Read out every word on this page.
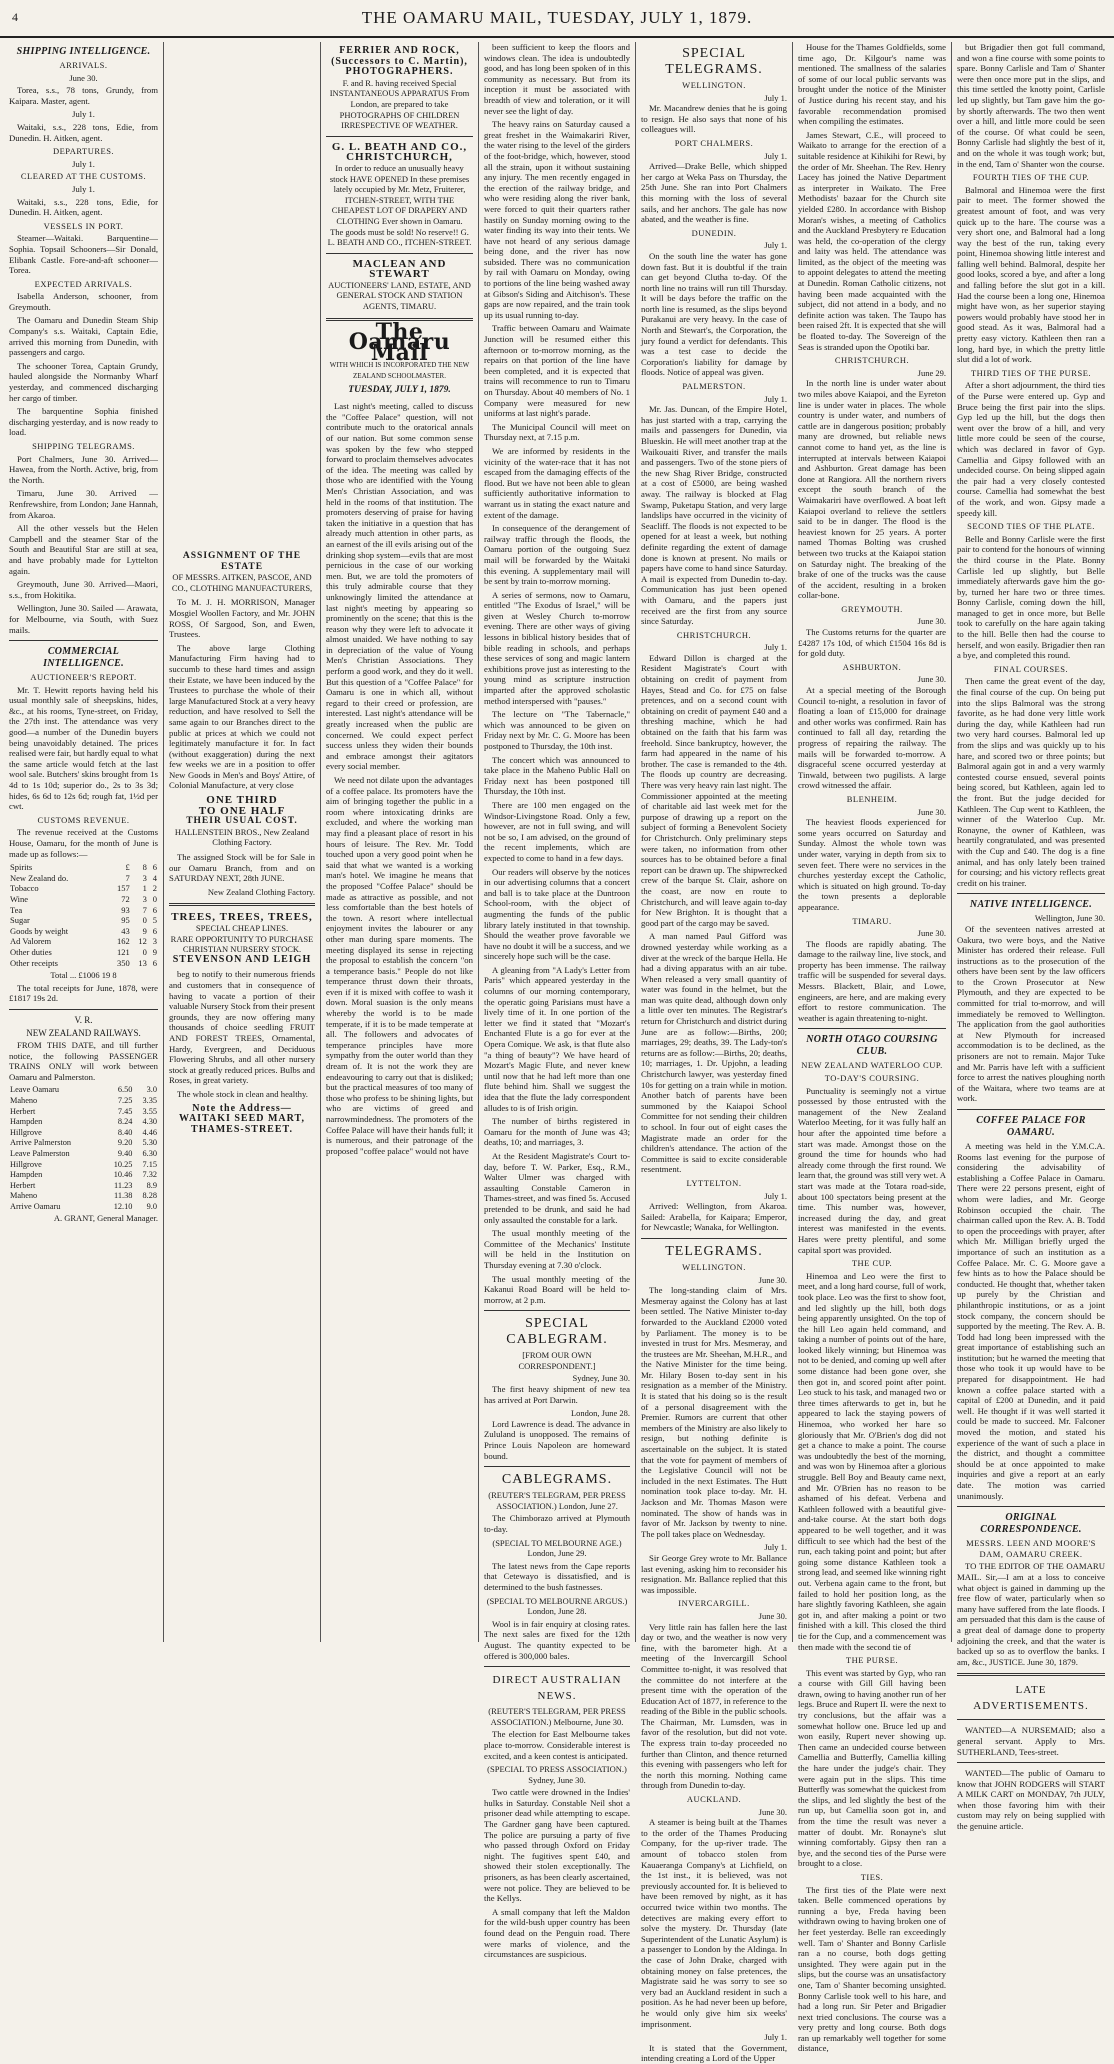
4	THE OAMARU MAIL, TUESDAY, JULY 1, 1879.
SHIPPING INTELLIGENCE.
ARRIVALS.
June 30.

Torea, s.s., 78 tons, Grundy, from Kaipara. Master, agent.

July 1.

Waitaki, s.s., 228 tons, Edie, from Dunedin. H. Aitken, agent.

DEPARTURES.
July 1.
CLEARED AT THE CUSTOMS.
July 1.

Waitaki, s.s., 228 tons, Edie, for Dunedin. H. Aitken, agent.

VESSELS IN PORT.

Steamer—Waitaki. Barquentine—Sophia. Topsail Schooners—Sir Donald, Elibank Castle. Fore-and-aft schooner—Torea.

EXPECTED ARRIVALS.

Isabella Anderson, schooner, from Greymouth.

The Oamaru and Dunedin Steam Ship Company's s.s. Waitaki, Captain Edie, arrived this morning from Dunedin, with passengers and cargo.

The schooner Torea, Captain Grundy, hauled alongside the Normanby Wharf yesterday, and commenced discharging her cargo of timber.

The barquentine Sophia finished discharging yesterday, and is now ready to load.

SHIPPING TELEGRAMS.

Port Chalmers, June 30. Arrived—Hawea, from the North. Active, brig, from the North.

Timaru, June 30. Arrived — Renfrewshire, from London; Jane Hannah, from Akaroa.

All the other vessels but the Helen Campbell and the steamer Star of the South and Beautiful Star are still at sea, and have probably made for Lyttelton again.

Greymouth, June 30. Arrived—Maori, s.s., from Hokitika.

Wellington, June 30. Sailed — Arawata, for Melbourne, via South, with Suez mails.

COMMERCIAL INTELLIGENCE.
AUCTIONEER'S REPORT.

Mr. T. Hewitt reports having held his usual monthly sale of sheepskins, hides, &c., at his rooms, Tyne-street, on Friday, the 27th inst. The attendance was very good—a number of the Dunedin buyers being unavoidably detained. The prices realised were fair, but hardly equal to what the same article would fetch at the last wool sale. Butchers' skins brought from 1s 4d to 1s 10d; superior do., 2s to 3s 3d; hides, 6s 6d to 12s 6d; rough fat, 1½d per cwt.

CUSTOMS REVENUE.

The revenue received at the Customs House, Oamaru, for the month of June is made up as follows:—

Spirits	£	8	6
New Zealand do.	7	3	4
Tobacco	157	1	2
Wine	72	3	0
Tea	93	7	6
Sugar	95	0	5
Goods by weight	43	9	6
Ad Valorem	162	12	3
Other duties	121	0	9
Other receipts	350	13	6
Total ... £1006 19 8

The total receipts for June, 1878, were £1817 19s 2d.

V. R.
NEW ZEALAND RAILWAYS.

FROM THIS DATE, and till further notice, the following PASSENGER TRAINS ONLY will work between Oamaru and Palmerston.

Leave Oamaru	6.50	3.0
Maheno	7.25	3.35
Herbert	7.45	3.55
Hampden	8.24	4.30
Hillgrove	8.40	4.46
Arrive Palmerston	9.20	5.30
Leave Palmerston	9.40	6.30
Hillgrove	10.25	7.15
Hampden	10.46	7.32
Herbert	11.23	8.9
Maheno	11.38	8.28
Arrive Oamaru	12.10	9.0
A. GRANT, General Manager.
ASSIGNMENT OF THE ESTATE
OF MESSRS. AITKEN, PASCOE, AND CO., CLOTHING MANUFACTURERS,

To M. J. H. MORRISON, Manager Mosgiel Woollen Factory, and Mr. JOHN ROSS, Of Sargood, Son, and Ewen, Trustees.

The above large Clothing Manufacturing Firm having had to succumb to these hard times and assign their Estate, we have been induced by the Trustees to purchase the whole of their large Manufactured Stock at a very heavy reduction, and have resolved to Sell the same again to our Branches direct to the public at prices at which we could not legitimately manufacture it for. In fact (without exaggeration) during the next few weeks we are in a position to offer New Goods in Men's and Boys' Attire, of Colonial Manufacture, at very close

ONE THIRD
TO ONE HALF
THEIR USUAL COST.
HALLENSTEIN BROS., New Zealand Clothing Factory.

The assigned Stock will be for Sale in our Oamaru Branch, from and on SATURDAY NEXT, 28th JUNE.

New Zealand Clothing Factory.
TREES, TREES, TREES,
SPECIAL CHEAP LINES.
RARE OPPORTUNITY TO PURCHASE CHRISTIAN NURSERY STOCK.
STEVENSON AND LEIGH

beg to notify to their numerous friends and customers that in consequence of having to vacate a portion of their valuable Nursery Stock from their present grounds, they are now offering many thousands of choice seedling FRUIT AND FOREST TREES, Ornamental, Hardy, Evergreen, and Deciduous Flowering Shrubs, and all other nursery stock at greatly reduced prices. Bulbs and Roses, in great variety.

The whole stock in clean and healthy.

Note the Address— WAITAKI SEED MART, THAMES-STREET.
FERRIER AND ROCK, (Successors to C. Martin), PHOTOGRAPHERS.
F. and R. having received Special INSTANTANEOUS APPARATUS From London, are prepared to take PHOTOGRAPHS OF CHILDREN IRRESPECTIVE OF WEATHER.
G. L. BEATH AND CO., CHRISTCHURCH,
In order to reduce an unusually heavy stock HAVE OPENED In these premises lately occupied by Mr. Metz, Fruiterer, ITCHEN-STREET, WITH THE CHEAPEST LOT OF DRAPERY AND CLOTHING Ever shown in Oamaru.
The goods must be sold! No reserve!! G. L. BEATH AND CO., ITCHEN-STREET.
MACLEAN AND STEWART
AUCTIONEERS' LAND, ESTATE, AND GENERAL STOCK AND STATION AGENTS, TIMARU.
The Oamaru Mail
WITH WHICH IS INCORPORATED THE NEW ZEALAND SCHOOLMASTER.
TUESDAY, JULY 1, 1879.

Last night's meeting, called to discuss the "Coffee Palace" question, will not contribute much to the oratorical annals of our nation. But some common sense was spoken by the few who stepped forward to proclaim themselves advocates of the idea. The meeting was called by those who are identified with the Young Men's Christian Association, and was held in the rooms of that institution. The promoters deserving of praise for having taken the initiative in a question that has already much attention in other parts, as an earnest of the ill evils arising out of the drinking shop system—evils that are most pernicious in the case of our working men. But, we are told the promoters of this truly admirable course that they unknowingly limited the attendance at last night's meeting by appearing so prominently on the scene; that this is the reason why they were left to advocate it almost unaided. We have nothing to say in depreciation of the value of Young Men's Christian Associations. They perform a good work, and they do it well. But this question of a "Coffee Palace" for Oamaru is one in which all, without regard to their creed or profession, are interested. Last night's attendance will be greatly increased when the public are concerned. We could expect perfect success unless they widen their bounds and embrace amongst their agitators every social member.

We need not dilate upon the advantages of a coffee palace. Its promoters have the aim of bringing together the public in a room where intoxicating drinks are excluded, and where the working man may find a pleasant place of resort in his hours of leisure. The Rev. Mr. Todd touched upon a very good point when he said that what we wanted is a working man's hotel. We imagine he means that the proposed "Coffee Palace" should be made as attractive as possible, and not less comfortable than the best hotels of the town. A resort where intellectual enjoyment invites the labourer or any other man during spare moments. The meeting displayed its sense in rejecting the proposal to establish the concern "on a temperance basis." People do not like temperance thrust down their throats, even if it is mixed with coffee to wash it down. Moral suasion is the only means whereby the world is to be made temperate, if it is to be made temperate at all. The followers and advocates of temperance principles have more sympathy from the outer world than they dream of. It is not the work they are endeavouring to carry out that is disliked; but the practical measures of too many of those who profess to be shining lights, but who are victims of greed and narrowmindedness. The promoters of the Coffee Palace will have their hands full; it is numerous, and their patronage of the proposed "coffee palace" would not have

been sufficient to keep the floors and windows clean. The idea is undoubtedly good, and has long been spoken of in this community as necessary. But from its inception it must be associated with breadth of view and toleration, or it will never see the light of day.

The heavy rains on Saturday caused a great freshet in the Waimakariri River, the water rising to the level of the girders of the foot-bridge, which, however, stood all the strain, upon it without sustaining any injury. The men recently engaged in the erection of the railway bridge, and who were residing along the river bank, were forced to quit their quarters rather hastily on Sunday morning owing to the water finding its way into their tents. We have not heard of any serious damage being done, and the river has now subsided. There was no communication by rail with Oamaru on Monday, owing to portions of the line being washed away at Gibson's Siding and Aitchison's. These gaps are now repaired, and the train took up its usual running to-day.

Traffic between Oamaru and Waimate Junction will be resumed either this afternoon or to-morrow morning, as the repairs on that portion of the line have been completed, and it is expected that trains will recommence to run to Timaru on Thursday. About 40 members of No. 1 Company were measured for new uniforms at last night's parade.

The Municipal Council will meet on Thursday next, at 7.15 p.m.

We are informed by residents in the vicinity of the water-race that it has not escaped from the damaging effects of the flood. But we have not been able to glean sufficiently authoritative information to warrant us in stating the exact nature and extent of the damage.

In consequence of the derangement of railway traffic through the floods, the Oamaru portion of the outgoing Suez mail will be forwarded by the Waitaki this evening. A supplementary mail will be sent by train to-morrow morning.

A series of sermons, now to Oamaru, entitled "The Exodus of Israel," will be given at Wesley Church to-morrow evening. There are other ways of giving lessons in biblical history besides that of bible reading in schools, and perhaps these services of song and magic lantern exhibitions prove just as interesting to the young mind as scripture instruction imparted after the approved scholastic method interspersed with "pauses."

The lecture on "The Tabernacle," which was announced to be given on Friday next by Mr. C. G. Moore has been postponed to Thursday, the 10th inst.

The concert which was announced to take place in the Maheno Public Hall on Friday next has been postponed till Thursday, the 10th inst.

There are 100 men engaged on the Windsor-Livingstone Road. Only a few, however, are not in full swing, and will not be so, I am advised, on the ground of the recent implements, which are expected to come to hand in a few days.

Our readers will observe by the notices in our advertising columns that a concert and ball is to take place at the Duntroon School-room, with the object of augmenting the funds of the public library lately instituted in that township. Should the weather prove favorable we have no doubt it will be a success, and we sincerely hope such will be the case.

A gleaning from "A Lady's Letter from Paris" which appeared yesterday in the columns of our morning contemporary, the operatic going Parisians must have a lively time of it. In one portion of the letter we find it stated that "Mozart's Enchanted Flute is a go for ever at the Opera Comique. We ask, is that flute also "a thing of beauty"? We have heard of Mozart's Magic Flute, and never knew until now that he had left more than one flute behind him. Shall we suggest the idea that the flute the lady correspondent alludes to is of Irish origin.

The number of births registered in Oamaru for the month of June was 43; deaths, 10; and marriages, 3.

At the Resident Magistrate's Court to-day, before T. W. Parker, Esq., R.M., Walter Ulmer was charged with assaulting Constable Cameron in Thames-street, and was fined 5s. Accused pretended to be drunk, and said he had only assaulted the constable for a lark.

The usual monthly meeting of the Committee of the Mechanics' Institute will be held in the Institution on Thursday evening at 7.30 o'clock.

The usual monthly meeting of the Kakanui Road Board will be held to-morrow, at 2 p.m.

SPECIAL CABLEGRAM.
[FROM OUR OWN CORRESPONDENT.]
Sydney, June 30.

The first heavy shipment of new tea has arrived at Port Darwin.

London, June 28.

Lord Lawrence is dead. The advance in Zululand is unopposed. The remains of Prince Louis Napoleon are homeward bound.

CABLEGRAMS.
(REUTER'S TELEGRAM, PER PRESS ASSOCIATION.) London, June 27.

The Chimborazo arrived at Plymouth to-day.

(SPECIAL TO MELBOURNE AGE.) London, June 29.

The latest news from the Cape reports that Cetewayo is dissatisfied, and is determined to the bush fastnesses.

(SPECIAL TO MELBOURNE ARGUS.) London, June 28.

Wool is in fair enquiry at closing rates. The next sales are fixed for the 12th August. The quantity expected to be offered is 300,000 bales.

DIRECT AUSTRALIAN NEWS.
(REUTER'S TELEGRAM, PER PRESS ASSOCIATION.) Melbourne, June 30.

The election for East Melbourne takes place to-morrow. Considerable interest is excited, and a keen contest is anticipated.

(SPECIAL TO PRESS ASSOCIATION.) Sydney, June 30.

Two cattle were drowned in the Indies' hulks in Saturday. Constable Neil shot a prisoner dead while attempting to escape. The Gardner gang have been captured. The police are pursuing a party of five who passed through Oxford on Friday night. The fugitives spent £40, and showed their stolen exceptionally. The prisoners, as has been clearly ascertained, were not police. They are believed to be the Kellys.

A small company that left the Maldon for the wild-bush upper country has been found dead on the Penguin road. There were marks of violence, and the circumstances are suspicious.

SPECIAL TELEGRAMS.
WELLINGTON.
July 1.

Mr. Macandrew denies that he is going to resign. He also says that none of his colleagues will.

PORT CHALMERS.
July 1.

Arrived—Drake Belle, which shipped her cargo at Weka Pass on Thursday, the 25th June. She ran into Port Chalmers this morning with the loss of several sails, and her anchors. The gale has now abated, and the weather is fine.

DUNEDIN.
July 1.

On the south line the water has gone down fast. But it is doubtful if the train can get beyond Clutha to-day. Of the north line no trains will run till Thursday. It will be days before the traffic on the north line is resumed, as the slips beyond Purakanui are very heavy. In the case of North and Stewart's, the Corporation, the jury found a verdict for defendants. This was a test case to decide the Corporation's liability for damage by floods. Notice of appeal was given.

PALMERSTON.
July 1.

Mr. Jas. Duncan, of the Empire Hotel, has just started with a trap, carrying the mails and passengers for Dunedin, via Blueskin. He will meet another trap at the Waikouaiti River, and transfer the mails and passengers. Two of the stone piers of the new Shag River Bridge, constructed at a cost of £5000, are being washed away. The railway is blocked at Flag Swamp, Puketapu Station, and very large landslips have occurred in the vicinity of Seacliff. The floods is not expected to be opened for at least a week, but nothing definite regarding the extent of damage done is known at present. No mails or papers have come to hand since Saturday. A mail is expected from Dunedin to-day. Communication has just been opened with Oamaru, and the papers just received are the first from any source since Saturday.

CHRISTCHURCH.
July 1.

Edward Dillon is charged at the Resident Magistrate's Court with obtaining on credit of payment from Hayes, Stead and Co. for £75 on false pretences, and on a second count with obtaining on credit of payment £40 and a threshing machine, which he had obtained on the faith that his farm was freehold. Since bankruptcy, however, the farm had appeared in the name of his brother. The case is remanded to the 4th. The floods up country are decreasing. There was very heavy rain last night. The Commissioner appointed at the meeting of charitable aid last week met for the purpose of drawing up a report on the subject of forming a Benevolent Society for Christchurch. Only preliminary steps were taken, no information from other sources has to be obtained before a final report can be drawn up. The shipwrecked crew of the barque St. Clair, ashore on the coast, are now en route to Christchurch, and will leave again to-day for New Brighton. It is thought that a good part of the cargo may be saved.

A man named Paul Gifford was drowned yesterday while working as a diver at the wreck of the barque Hella. He had a diving apparatus with an air tube. When released a very small quantity of water was found in the helmet, but the man was quite dead, although down only a little over ten minutes. The Registrar's return for Christchurch and district during June are as follow:—Births, 200; marriages, 29; deaths, 39. The Lady-ton's returns are as follow:—Births, 20; deaths, 10; marriages, 1. Dr. Upjohn, a leading Christchurch lawyer, was yesterday fined 10s for getting on a train while in motion. Another batch of parents have been summoned by the Kaiapoi School Committee for not sending their children to school. In four out of eight cases the Magistrate made an order for the children's attendance. The action of the Committee is said to excite considerable resentment.

LYTTELTON.
July 1.

Arrived: Wellington, from Akaroa. Sailed: Arabella, for Kaipara; Emperor, for Newcastle; Wanaka, for Wellington.

TELEGRAMS.
WELLINGTON.
June 30.

The long-standing claim of Mrs. Mesmeray against the Colony has at last been settled. The Native Minister to-day forwarded to the Auckland £2000 voted by Parliament. The money is to be invested in trust for Mrs. Mesmeray, and the trustees are Mr. Sheehan, M.H.R., and the Native Minister for the time being. Mr. Hilary Bosen to-day sent in his resignation as a member of the Ministry. It is stated that his doing so is the result of a personal disagreement with the Premier. Rumors are current that other members of the Ministry are also likely to resign, but nothing definite is ascertainable on the subject. It is stated that the vote for payment of members of the Legislative Council will not be included in the next Estimates. The Hutt nomination took place to-day. Mr. H. Jackson and Mr. Thomas Mason were nominated. The show of hands was in favor of Mr. Jackson by twenty to nine. The poll takes place on Wednesday.

July 1.

Sir George Grey wrote to Mr. Ballance last evening, asking him to reconsider his resignation. Mr. Ballance replied that this was impossible.

INVERCARGILL.
June 30.

Very little rain has fallen here the last day or two, and the weather is now very fine, with the barometer high. At a meeting of the Invercargill School Committee to-night, it was resolved that the committee do not interfere at the present time with the operation of the Education Act of 1877, in reference to the reading of the Bible in the public schools. The Chairman, Mr. Lumsden, was in favor of the resolution, but did not vote. The express train to-day proceeded no further than Clinton, and thence returned this evening with passengers who left for the north this morning. Nothing came through from Dunedin to-day.

AUCKLAND.
June 30.

A steamer is being built at the Thames to the order of the Thames Producing Company, for the up-river trade. The amount of tobacco stolen from Kauaeranga Company's at Lichfield, on the 1st inst., it is believed, was not previously accounted for. It is believed to have been removed by night, as it has occurred twice within two months. The detectives are making every effort to solve the mystery. Dr. Thursday (late Superintendent of the Lunatic Asylum) is a passenger to London by the Aldinga. In the case of John Drake, charged with obtaining money on false pretences, the Magistrate said he was sorry to see so very bad an Auckland resident in such a position. As he had never been up before, he would only give him six weeks' imprisonment.

July 1.

It is stated that the Government, intending creating a Lord of the Upper

House for the Thames Goldfields, some time ago, Dr. Kilgour's name was mentioned. The smallness of the salaries of some of our local public servants was brought under the notice of the Minister of Justice during his recent stay, and his favorable recommendation promised when compiling the estimates.

James Stewart, C.E., will proceed to Waikato to arrange for the erection of a suitable residence at Kihikihi for Rewi, by the order of Mr. Sheehan. The Rev. Henry Lacey has joined the Native Department as interpreter in Waikato. The Free Methodists' bazaar for the Church site yielded £280. In accordance with Bishop Moran's wishes, a meeting of Catholics and the Auckland Presbytery re Education was held, the co-operation of the clergy and laity was held. The attendance was limited, as the object of the meeting was to appoint delegates to attend the meeting at Dunedin. Roman Catholic citizens, not having been made acquainted with the subject, did not attend in a body, and no definite action was taken. The Taupo has been raised 2ft. It is expected that she will be floated to-day. The Sovereign of the Seas is stranded upon the Opotiki bar.

CHRISTCHURCH.
June 29.

In the north line is under water about two miles above Kaiapoi, and the Eyreton line is under water in places. The whole country is under water, and numbers of cattle are in dangerous position; probably many are drowned, but reliable news cannot come to hand yet, as the line is interrupted at intervals between Kaiapoi and Ashburton. Great damage has been done at Rangiora. All the northern rivers except the south branch of the Waimakariri have overflowed. A boat left Kaiapoi overland to relieve the settlers said to be in danger. The flood is the heaviest known for 25 years. A porter named Thomas Bolting was crushed between two trucks at the Kaiapoi station on Saturday night. The breaking of the brake of one of the trucks was the cause of the accident, resulting in a broken collar-bone.

GREYMOUTH.
June 30.

The Customs returns for the quarter are £4287 17s 10d, of which £1504 16s 8d is for gold duty.

ASHBURTON.
June 30.

At a special meeting of the Borough Council to-night, a resolution in favor of floating a loan of £15,000 for drainage and other works was confirmed. Rain has continued to fall all day, retarding the progress of repairing the railway. The mails will be forwarded to-morrow. A disgraceful scene occurred yesterday at Tinwald, between two pugilists. A large crowd witnessed the affair.

BLENHEIM.
June 30.

The heaviest floods experienced for some years occurred on Saturday and Sunday. Almost the whole town was under water, varying in depth from six to seven feet. There were no services in the churches yesterday except the Catholic, which is situated on high ground. To-day the town presents a deplorable appearance.

TIMARU.
June 30.

The floods are rapidly abating. The damage to the railway line, live stock, and property has been immense. The railway traffic will be suspended for several days. Messrs. Blackett, Blair, and Lowe, engineers, are here, and are making every effort to restore communication. The weather is again threatening to-night.

NORTH OTAGO COURSING CLUB.
NEW ZEALAND WATERLOO CUP.
TO-DAY'S COURSING.

Punctuality is seemingly not a virtue possessed by those entrusted with the management of the New Zealand Waterloo Meeting, for it was fully half an hour after the appointed time before a start was made. Amongst those on the ground the time for hounds who had already come through the first round. We learn that, the ground was still very wet. A start was made at the Totara road-side, about 100 spectators being present at the time. This number was, however, increased during the day, and great interest was manifested in the events. Hares were pretty plentiful, and some capital sport was provided.

THE CUP.

Hinemoa and Leo were the first to meet, and a long hard course, full of work, took place. Leo was the first to show foot, and led slightly up the hill, both dogs being apparently unsighted. On the top of the hill Leo again held command, and taking a number of points out of the hare, looked likely winning; but Hinemoa was not to be denied, and coming up well after some distance had been gone over, she then got in, and scored point after point. Leo stuck to his task, and managed two or three times afterwards to get in, but he appeared to lack the staying powers of Hinemoa, who worked her hare so gloriously that Mr. O'Brien's dog did not get a chance to make a point. The course was undoubtedly the best of the morning, and was won by Hinemoa after a glorious struggle. Bell Boy and Beauty came next, and Mr. O'Brien has no reason to be ashamed of his defeat. Verbena and Kathleen followed with a beautiful give-and-take course. At the start both dogs appeared to be well together, and it was difficult to see which had the best of the run, each taking point and point; but after going some distance Kathleen took a strong lead, and seemed like winning right out. Verbena again came to the front, but failed to hold her position long, as the hare slightly favoring Kathleen, she again got in, and after making a point or two finished with a kill. This closed the third tie for the Cup, and a commencement was then made with the second tie of

THE PURSE.

This event was started by Gyp, who ran a course with Gill Gill having been drawn, owing to having another run of her legs. Bruce and Rupert II. were the next to try conclusions, but the affair was a somewhat hollow one. Bruce led up and won easily, Rupert never showing up. Then came an undecided course between Camellia and Butterfly, Camellia killing the hare under the judge's chair. They were again put in the slips. This time Butterfly was somewhat the quickest from the slips, and led slightly the best of the run up, but Camellia soon got in, and from the time the result was never a matter of doubt. Mr. Ronayne's slut winning comfortably. Gipsy then ran a bye, and the second ties of the Purse were brought to a close.

TIES.

The first ties of the Plate were next taken. Belle commenced operations by running a bye, Freda having been withdrawn owing to having broken one of her feet yesterday. Belle ran exceedingly well. Tam o' Shanter and Bonny Carlisle ran a no course, both dogs getting unsighted. They were again put in the slips, but the course was an unsatisfactory one, Tam o' Shanter becoming unsighted. Bonny Carlisle took well to his hare, and had a long run. Sir Peter and Brigadier next tried conclusions. The course was a very pretty and long course. Both dogs ran up remarkably well together for some distance,

but Brigadier then got full command, and won a fine course with some points to spare. Bonny Carlisle and Tam o' Shanter were then once more put in the slips, and this time settled the knotty point, Carlisle led up slightly, but Tam gave him the go-by shortly afterwards. The two then went over a hill, and little more could be seen of the course. Of what could be seen, Bonny Carlisle had slightly the best of it, and on the whole it was tough work; but, in the end, Tam o' Shanter won the course.

FOURTH TIES OF THE CUP.

Balmoral and Hinemoa were the first pair to meet. The former showed the greatest amount of foot, and was very quick up to the hare. The course was a very short one, and Balmoral had a long way the best of the run, taking every point, Hinemoa showing little interest and falling well behind. Balmoral, despite her good looks, scored a bye, and after a long and falling before the slut got in a kill. Had the course been a long one, Hinemoa might have won, as her superior staying powers would probably have stood her in good stead. As it was, Balmoral had a pretty easy victory. Kathleen then ran a long, hard bye, in which the pretty little slut did a lot of work.

THIRD TIES OF THE PURSE.

After a short adjournment, the third ties of the Purse were entered up. Gyp and Bruce being the first pair into the slips. Gyp led up the hill, but the dogs then went over the brow of a hill, and very little more could be seen of the course, which was declared in favor of Gyp. Camellia and Gipsy followed with an undecided course. On being slipped again the pair had a very closely contested course. Camellia had somewhat the best of the work, and won. Gipsy made a speedy kill.

SECOND TIES OF THE PLATE.

Belle and Bonny Carlisle were the first pair to contend for the honours of winning the third course in the Plate. Bonny Carlisle led up slightly, but Belle immediately afterwards gave him the go-by, turned her hare two or three times. Bonny Carlisle, coming down the hill, managed to get in once more, but Belle took to carefully on the hare again taking to the hill. Belle then had the course to herself, and won easily. Brigadier then ran a bye, and completed this round.

FINAL COURSES.

Then came the great event of the day, the final course of the cup. On being put into the slips Balmoral was the strong favorite, as he had done very little work during the day, while Kathleen had run two very hard courses. Balmoral led up from the slips and was quickly up to his hare, and scored two or three points; but Balmoral again got in and a very warmly contested course ensued, several points being scored, but Kathleen, again led to the front. But the judge decided for Kathleen. The Cup went to Kathleen, the winner of the Waterloo Cup. Mr. Ronayne, the owner of Kathleen, was heartily congratulated, and was presented with the Cup and £40. The dog is a fine animal, and has only lately been trained for coursing; and his victory reflects great credit on his trainer.

NATIVE INTELLIGENCE.
Wellington, June 30.

Of the seventeen natives arrested at Oakura, two were boys, and the Native Minister has ordered their release. Full instructions as to the prosecution of the others have been sent by the law officers to the Crown Prosecutor at New Plymouth, and they are expected to be committed for trial to-morrow, and will immediately be removed to Wellington. The application from the gaol authorities at New Plymouth for increased accommodation is to be declined, as the prisoners are not to remain. Major Tuke and Mr. Parris have left with a sufficient force to arrest the natives ploughing north of the Waitara, where two teams are at work.

COFFEE PALACE FOR OAMARU.

A meeting was held in the Y.M.C.A. Rooms last evening for the purpose of considering the advisability of establishing a Coffee Palace in Oamaru. There were 22 persons present, eight of whom were ladies, and Mr. George Robinson occupied the chair. The chairman called upon the Rev. A. B. Todd to open the proceedings with prayer, after which Mr. Milligan briefly urged the importance of such an institution as a Coffee Palace. Mr. C. G. Moore gave a few hints as to how the Palace should be conducted. He thought that, whether taken up purely by the Christian and philanthropic institutions, or as a joint stock company, the concern should be supported by the meeting. The Rev. A. B. Todd had long been impressed with the great importance of establishing such an institution; but he warned the meeting that those who took it up would have to be prepared for disappointment. He had known a coffee palace started with a capital of £200 at Dunedin, and it paid well. He thought if it was well started it could be made to succeed. Mr. Falconer moved the motion, and stated his experience of the want of such a place in the district, and thought a committee should be at once appointed to make inquiries and give a report at an early date. The motion was carried unanimously.

ORIGINAL CORRESPONDENCE.
MESSRS. LEEN AND MOORE'S DAM, OAMARU CREEK.

TO THE EDITOR OF THE OAMARU MAIL. Sir,—I am at a loss to conceive what object is gained in damming up the free flow of water, particularly when so many have suffered from the late floods. I am persuaded that this dam is the cause of a great deal of damage done to property adjoining the creek, and that the water is backed up so as to overflow the banks. I am, &c., JUSTICE. June 30, 1879.

LATE ADVERTISEMENTS.

WANTED—A NURSEMAID; also a general servant. Apply to Mrs. SUTHERLAND, Tees-street.

WANTED—The public of Oamaru to know that JOHN RODGERS will START A MILK CART on MONDAY, 7th JULY, when those favoring him with their custom may rely on being supplied with the genuine article.
